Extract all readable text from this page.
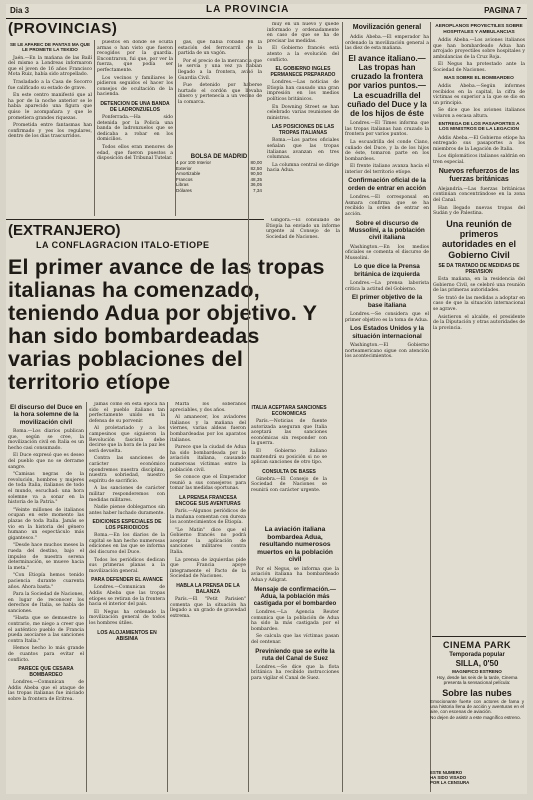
Dia 3	LA PROVINCIA	PAGINA 7
(PROVINCIAS)
SE LE APAREC DE PANTAS MA QUE LE PROMETE LA TEKIDO

Jaén.—En la mañana de las Bailí del mismo a Londreas informaron que el joven de 16 años Francisco Mota Ruiz, había sido atropellado.

Trasladado a la Casa de Socorro fue calificado su estado de grave.

En este centro manifestó que al ha por de la noche anterior se le había aparecido una figura que quiso le acompañara y que le prometiera grandes riquezas.

Prometida entre fantasmas han confirmado y yes los regulares, dentro de los días trascurridos.

puestos en donde se oculta armas o han visto que fueron recogidos por la guardia. Encontraron, fui que, por ver la fuerza, que podía ser perfectamente.

Los vecinos y familiares le pidieron seguidos el hacer los consejos de ocultación de la hacienda.

DETENCION DE UNA BANDA DE LADRONZUELOS

Ponferrada.—Ha sido detenida por la Policía una banda de ladronzuelos que se dedicaba a robar en los domicilios.

Todos ellos eran menores de edad, que fueron puestos a disposición del Tribunal Tutelar.

gas, que había robado en la estación del ferrocarril de la partida de un vagón.

Por el precio de la mercancía que le servía y una vez ya habían llegado a la frontera, avisó la Guardia Civil.

Fue detenido por haberse hurtado el cordón que llevaba dinero y pertenecía a un vecino de la comarca.

BOLSA DE MADRID
4 por 100 Interior	80,00
Exterior	82,50
Amortizable	90,50
Francos	48,35
Libras	36,05
Dólares	7,34
(EXTRANJERO)
LA CONFLAGRACION ITALO-ETIOPE
El primer avance de las tropas italianas ha comenzado, teniendo Adua por objetivo. Y han sido bombardeadas varias poblaciones del territorio etíope
El discurso del Duce en la hora solemne de la movilización civil

Roma.—Los diarios publican que, según se cree, la movilización civil en Italia es un hecho casi consumado.

El Duce expresó que es deseo del pueblo que no se derrame sangre.

"Camisas negras de la revolución, hombres y mujeres de toda Italia, italianos de todo el mundo, escuchad: una hora solemne va a sonar en la historia de la Patria."

"Veinte millones de italianos ocupan en este momento las plazas de toda Italia. Jamás se vio en la historia del género humano un espectáculo más gigantesco."

"Desde hace muchos meses la rueda del destino, bajo el impulso de nuestra serena determinación, se mueve hacia la meta."

"Con Etiopía hemos tenido paciencia durante cuarenta años. Ahora basta."

Para la Sociedad de Naciones, en lugar de reconocer los derechos de Italia, se habla de sanciones.

"Hasta que se demuestre lo contrario, me niego a creer que el auténtico pueblo de Francia pueda asociarse a las sanciones contra Italia."

Hemos hecho lo más grande de cuantos para evitar el conflicto.

PARECE QUE CESARA BOMBARDEO

Londres.—Comunican de Addis Abeba que el ataque de las tropas italianas fue iniciado sobre la frontera de Eritrea.

Jamás como en esta época ha sido el pueblo italiano tan perfectamente unido en la defensa de su porvenir.

Al proletariado y a los campesinos que siguieron la Revolución fascista debe decirse que la hora de la paz les será devuelta.

Contra las sanciones de carácter económico opondremos nuestra disciplina, nuestra sobriedad, nuestro espíritu de sacrificio.

A las sanciones de carácter militar responderemos con medidas militares.

Nadie piense doblegarnos sin antes haber luchado duramente.

EDICIONES ESPECIALES DE LOS PERIODICOS

Roma.—En los diarios de la capital se han hecho numerosas ediciones en las que se informa del discurso del Duce.

Todos los periódicos dedican sus primeras planas a la movilización general.

PARA DEFENDER EL AVANCE

Londres.—Comunican de Addis Abeba que las tropas etíopes se retiran de la frontera hacia el interior del país.

El Negus ha ordenado la movilización general de todos los hombres útiles.

LOS ALOJAMIENTOS EN ABISINIA

Marfa los soberanos apreciables, y dos años.

Al amanecer, los aviadores italianos y la mañana del viernes, varias aldeas fueron bombardeadas por los aparatos italianos.

Parece que la ciudad de Adua ha sido bombardeada por la aviación italiana, causando numerosas víctimas entre la población civil.

Se conoce que el Emperador reunió a sus consejeros para tomar las medidas oportunas.

LA PRENSA FRANCESA ENCOGE SUS AVENTURAS

París.—Algunos periódicos de la mañana comentan con dureza los acontecimientos de Etiopía.

"Le Matin" dice que el Gobierno francés no podrá aceptar la aplicación de sanciones militares contra Italia.

La prensa de izquierdas pide que Francia apoye íntegramente el Pacto de la Sociedad de Naciones.

HABLA LA PRENSA DE LA BALANZA

París.—El "Petit Parisien" comenta que la situación ha llegado a un grado de gravedad extrema.

muy en un nuevo y quede informado y ordenadamente en caso de que se ha de precisar las medidas.

El Gobierno francés está atento a la evolución del conflicto.

EL GOBIERNO INGLES PERMANECE PREPARADO

Londres.—Las noticias de Etiopía han causado una gran impresión en los medios políticos británicos.

En Downing Street se han celebrado varias reuniones de ministros.

LAS POSICIONES DE LAS TROPAS ITALIANAS

Roma.—Los partes oficiales señalan que las tropas italianas avanzan en tres columnas.

La columna central se dirige hacia Adua.

ITALIA ACEPTARA SANCIONES ECONOMICAS

París.—Noticias de fuente autorizada aseguran que Italia aceptará las sanciones económicas sin responder con la guerra.

El Gobierno italiano mantendrá su posición si no se aplican sanciones de otro tipo.

CONSULTA DE BASES

Ginebra.—El Consejo de la Sociedad de Naciones se reunirá con carácter urgente.

Gingora.—El consulado de Etiopía ha enviado un informe urgente al Consejo de la Sociedad de Naciones.

Movilización general

Addis Abeba.—El emperador ha ordenado la movilización general a las diez de esta mañana.

El avance italiano.—Las tropas han cruzado la frontera por varios puntos.—La escuadrilla del cuñado del Duce y la de los hijos de éste

Londres.—El Times informa que las tropas italianas han cruzado la frontera por varios puntos.

La escuadrilla del conde Ciano, cuñado del Duce, y la de los hijos de éste, tomaron parte en los bombardeos.

El frente italiano avanza hacia el interior del territorio etíope.

Confirmación oficial de la orden de entrar en acción

Londres.—El corresponsal en Asmara confirma que se ha recibido la orden de entrar en acción.

Sobre el discurso de Mussolini, a la población civil italiana

Washington.—En los medios oficiales se comenta el discurso de Mussolini.

Lo que dice la Prensa británica de izquierda

Londres.—La prensa laborista critica la actitud del Gobierno.

El primer objetivo de la base italiana

Londres.—Se considera que el primer objetivo es la toma de Adua.

Los Estados Unidos y la situación internacional

Washington.—El Gobierno norteamericano sigue con atención los acontecimientos.

La aviación italiana bombardea Adua, resultando numerosos muertos en la población civil

Por el Negus, se informa que la aviación italiana ha bombardeado Adua y Adigrat.

Mensaje de confirmación.—Adua, la población más castigada por el bombardeo

Londres.—La Agencia Reuter comunica que la población de Adua ha sido la más castigada por el bombardeo.

Se calcula que las víctimas pasan del centenar.

Previniendo que se evite la ruta del Canal de Suez

Londres.—Se dice que la flota británica ha recibido instrucciones para vigilar el Canal de Suez.

AEROPLANOS PROYECTILES SOBRE HOSPITALES Y AMBULANCIAS

Addis Abeba.—Los aviones italianos que han bombardeado Adua han arrojado proyectiles sobre hospitales y ambulancias de la Cruz Roja.

El Negus ha protestado ante la Sociedad de Naciones.

MAS SOBRE EL BOMBARDEO

Addis Abeba.—Según informes recibidos en la capital, la cifra de víctimas es superior a la que se dio en un principio.

Se dice que los aviones italianos volaron a escasa altura.

ENTREGA DE LOS PASAPORTES A LOS MINISTROS DE LA LEGACION

Addis Abeba.—El Gobierno etíope ha entregado sus pasaportes a los miembros de la Legación de Italia.

Los diplomáticos italianos saldrán en tren especial.

Nuevos refuerzos de las fuerzas británicas

Alejandría.—Las fuerzas británicas continúan concentrándose en la zona del Canal.

Han llegado nuevas tropas del Sudán y de Palestina.

Una reunión de primeros autoridades en el Gobierno Civil
SE DA TRATADO DE MEDIDAS DE PREVISION

Esta mañana, en la residencia del Gobierno Civil, se celebró una reunión de las primeras autoridades.

Se trató de las medidas a adoptar en caso de que la situación internacional se agrave.

Asistieron el alcalde, el presidente de la Diputación y otras autoridades de la provincia.

CINEMA PARK
Temporada popular
SILLA, 0'50
MAGNIFICO ESTRENO
Hoy, desde las seis de la tarde, Cinema presenta la sensacional película:
Sobre las nubes
Emocionante fuerte con actores de fama y una historia llena de acción y aventuras en el aire, con escenas de aviación.
No dejen de asistir a este magnífico estreno.
ESTE NUMERO
HA SIDO VISADO
POR LA CENSURA
